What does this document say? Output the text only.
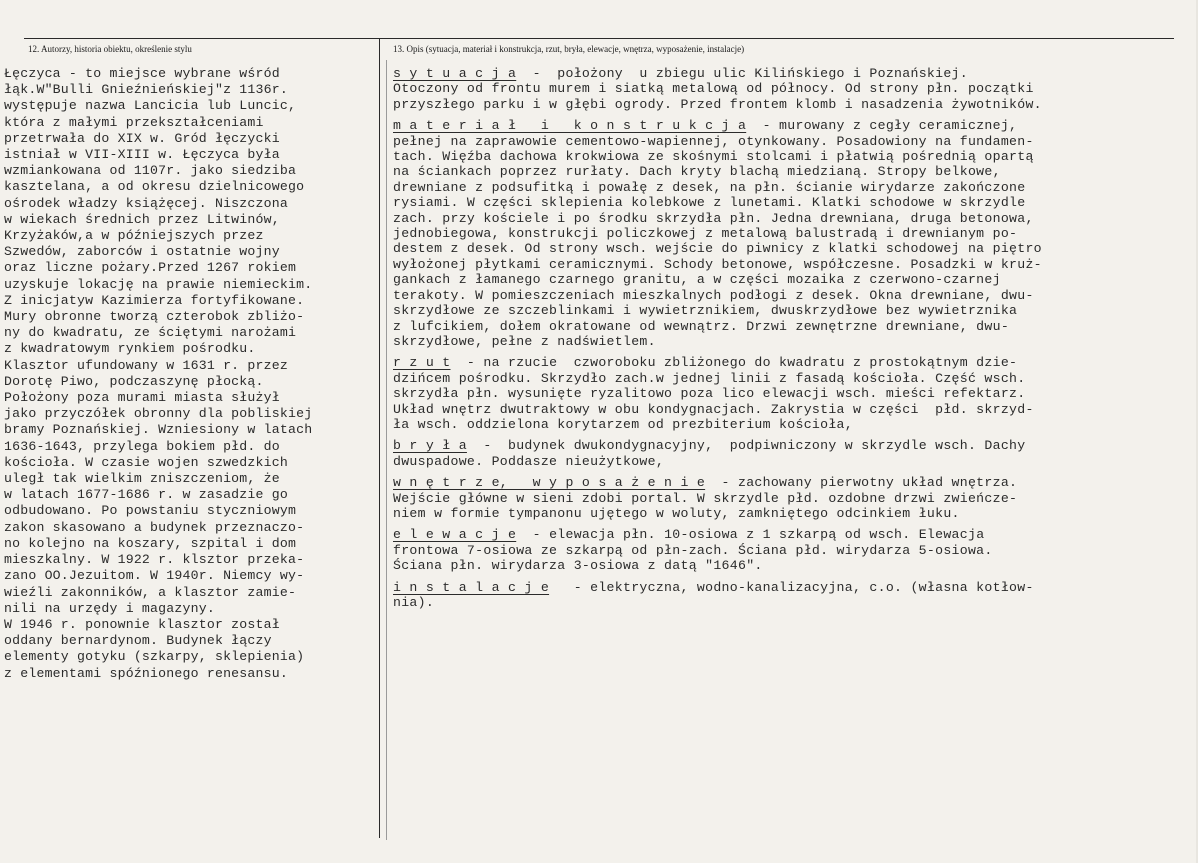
12. Autorzy, historia obiektu, określenie stylu	13. Opis (sytuacja, materiał i konstrukcja, rzut, bryła, elewacje, wnętrza, wyposażenie, instalacje)
Łęczyca - to miejsce wybrane wśród
łąk.W"Bulli Gnieźnieńskiej"z 1136r.
występuje nazwa Lancicia lub Luncic,
która z małymi przekształceniami
przetrwała do XIX w. Gród łęczycki
istniał w VII-XIII w. Łęczyca była
wzmiankowana od 1107r. jako siedziba
kasztelana, a od okresu dzielnicowego
ośrodek władzy książęcej. Niszczona
w wiekach średnich przez Litwinów,
Krzyżaków,a w późniejszych przez
Szwedów, zaborców i ostatnie wojny
oraz liczne pożary.Przed 1267 rokiem
uzyskuje lokację na prawie niemieckim.
Z inicjatyw Kazimierza fortyfikowane.
Mury obronne tworzą czterobok zbliżo-
ny do kwadratu, ze ściętymi narożami
z kwadratowym rynkiem pośrodku.
Klasztor ufundowany w 1631 r. przez
Dorotę Piwo, podczaszynę płocką.
Położony poza murami miasta służył
jako przyczółek obronny dla pobliskiej
bramy Poznańskiej. Wzniesiony w latach
1636-1643, przylega bokiem płd. do
kościoła. W czasie wojen szwedzkich
uległ tak wielkim zniszczeniom, że
w latach 1677-1686 r. w zasadzie go
odbudowano. Po powstaniu styczniowym
zakon skasowano a budynek przeznaczo-
no kolejno na koszary, szpital i dom
mieszkalny. W 1922 r. klsztor przeka-
zano OO.Jezuitom. W 1940r. Niemcy wy-
wieźli zakonników, a klasztor zamie-
nili na urzędy i magazyny.
W 1946 r. ponownie klasztor został
oddany bernardynom. Budynek łączy
elementy gotyku (szkarpy, sklepienia)
z elementami spóźnionego renesansu.
s y t u a c j a  -  położony  u zbiegu ulic Kilińskiego i Poznańskiej.
Otoczony od frontu murem i siatką metalową od północy. Od strony płn. początki
przyszłego parku i w głębi ogrody. Przed frontem klomb i nasadzenia żywotników.
m a t e r i a ł   i   k o n s t r u k c j a  - murowany z cegły ceramicznej,
pełnej na zaprawowie cementowo-wapiennej, otynkowany. Posadowiony na fundamen-
tach. Więźba dachowa krokwiowa ze skośnymi stolcami i płatwią pośrednią opartą
na ściankach poprzez rurłaty. Dach kryty blachą miedzianą. Stropy belkowe,
drewniane z podsufitką i powałę z desek, na płn. ścianie wirydarze zakończone
rysiami. W części sklepienia kolebkowe z lunetami. Klatki schodowe w skrzydle
zach. przy kościele i po środku skrzydła płn. Jedna drewniana, druga betonowa,
jednobiegowa, konstrukcji policzkowej z metalową balustradą i drewnianym po-
destem z desek. Od strony wsch. wejście do piwnicy z klatki schodowej na piętro
wyłożonej płytkami ceramicznymi. Schody betonowe, współczesne. Posadzki w kruż-
gankach z łamanego czarnego granitu, a w części mozaika z czerwono-czarnej
terakoty. W pomieszczeniach mieszkalnych podłogi z desek. Okna drewniane, dwu-
skrzydłowe ze szczeblinkami i wywietrznikiem, dwuskrzydłowe bez wywietrznika
z lufcikiem, dołem okratowane od wewnątrz. Drzwi zewnętrzne drewniane, dwu-
skrzydłowe, pełne z nadświetlem.
r z u t  - na rzucie  czworoboku zbliżonego do kwadratu z prostokątnym dzie-
dzińcem pośrodku. Skrzydło zach.w jednej linii z fasadą kościoła. Część wsch.
skrzydła płn. wysunięte ryzalitowo poza lico elewacji wsch. mieści refektarz.
Układ wnętrz dwutraktowy w obu kondygnacjach. Zakrystia w części  płd. skrzyd-
ła wsch. oddzielona korytarzem od prezbiterium kościoła,
b r y ł a  -  budynek dwukondygnacyjny,  podpiwniczony w skrzydle wsch. Dachy
dwuspadowe. Poddasze nieużytkowe,
w n ę t r z e,   w y p o s a ż e n i e  - zachowany pierwotny układ wnętrza.
Wejście główne w sieni zdobi portal. W skrzydle płd. ozdobne drzwi zwieńcze-
niem w formie tympanonu ujętego w woluty, zamkniętego odcinkiem łuku.
e l e w a c j e  - elewacja płn. 10-osiowa z 1 szkarpą od wsch. Elewacja
frontowa 7-osiowa ze szkarpą od płn-zach. Ściana płd. wirydarza 5-osiowa.
Ściana płn. wirydarza 3-osiowa z datą "1646".
i n s t a l a c j e   - elektryczna, wodno-kanalizacyjna, c.o. (własna kotłow-
nia).
